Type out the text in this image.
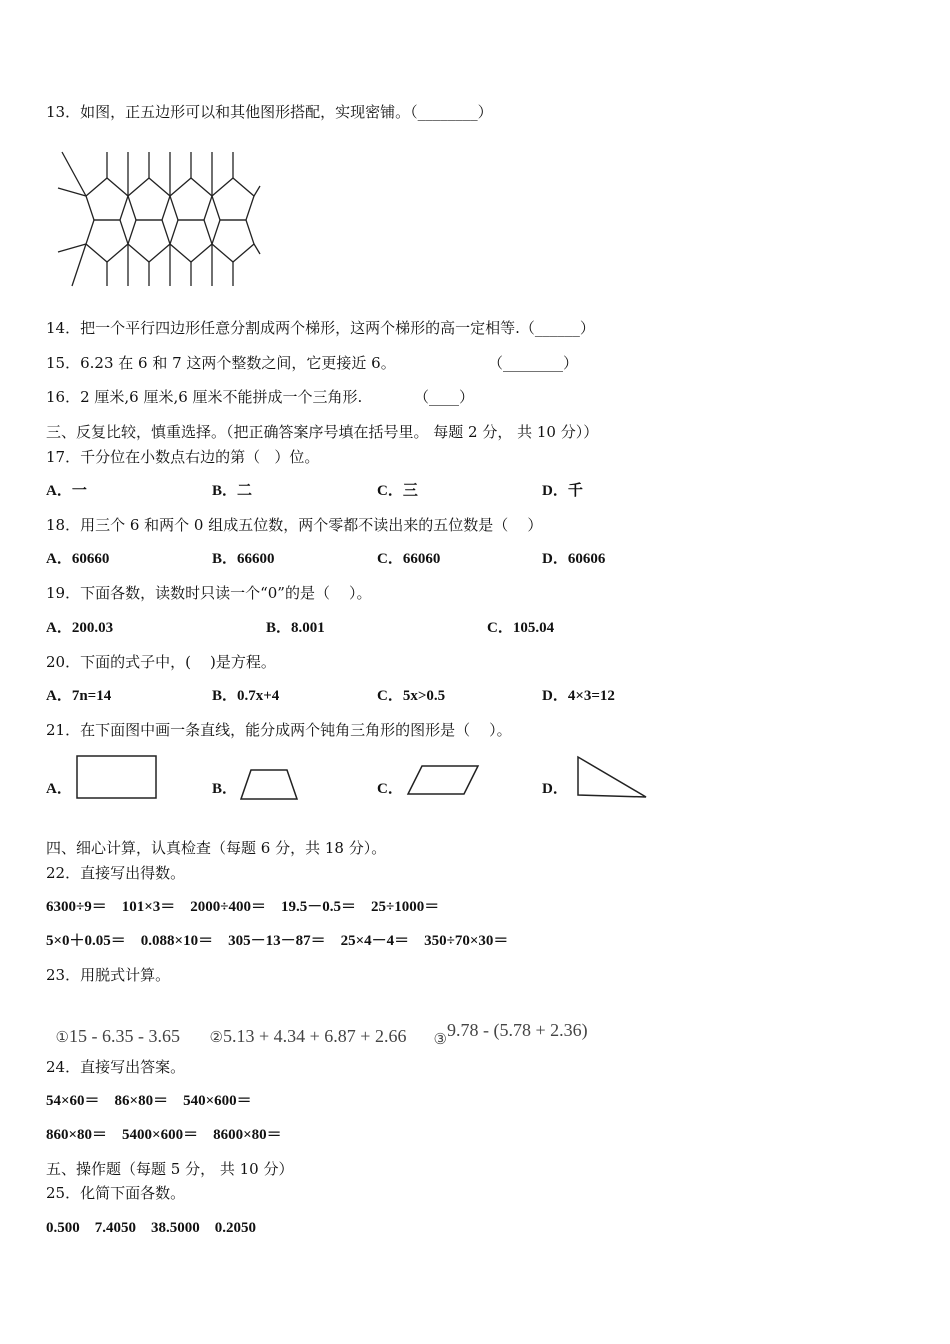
13．如图，正五边形可以和其他图形搭配，实现密铺。（________）
14．把一个平行四边形任意分割成两个梯形，这两个梯形的高一定相等.（______）
15．6.23 在 6 和 7 这两个整数之间，它更接近 6。	（________）
16．2 厘米,6 厘米,6 厘米不能拼成一个三角形.	（____）
三、反复比较，慎重选择。（把正确答案序号填在括号里。 每题 2 分， 共 10 分））
17．千分位在小数点右边的第（   ）位。
A．一	B．二	C．三	D．千
18．用三个 6 和两个 0 组成五位数，两个零都不读出来的五位数是（    ）
A．60660	B．66600	C．66060	D．60606
19．下面各数，读数时只读一个“0”的是（    ）。
A．200.03	B．8.001	C．105.04
20．下面的式子中，(    )是方程。
A．7n=14	B．0.7x+4	C．5x>0.5	D．4×3=12
21．在下面图中画一条直线，能分成两个钝角三角形的图形是（    ）。
A．	B．	C．	D．
四、细心计算，认真检查（每题 6 分，共 18 分）。
22．直接写出得数。
6300÷9＝    101×3＝    2000÷400＝    19.5－0.5＝    25÷1000＝
5×0＋0.05＝    0.088×10＝    305－13－87＝    25×4－4＝    350÷70×30＝
23．用脱式计算。

①15 - 6.35 - 3.65	②5.13 + 4.34 + 6.87 + 2.66	③9.78 - (5.78 + 2.36)

24．直接写出答案。
54×60＝    86×80＝    540×600＝
860×80＝    5400×600＝    8600×80＝
五、操作题（每题 5 分， 共 10 分）
25．化简下面各数。
0.500    7.4050    38.5000    0.2050
